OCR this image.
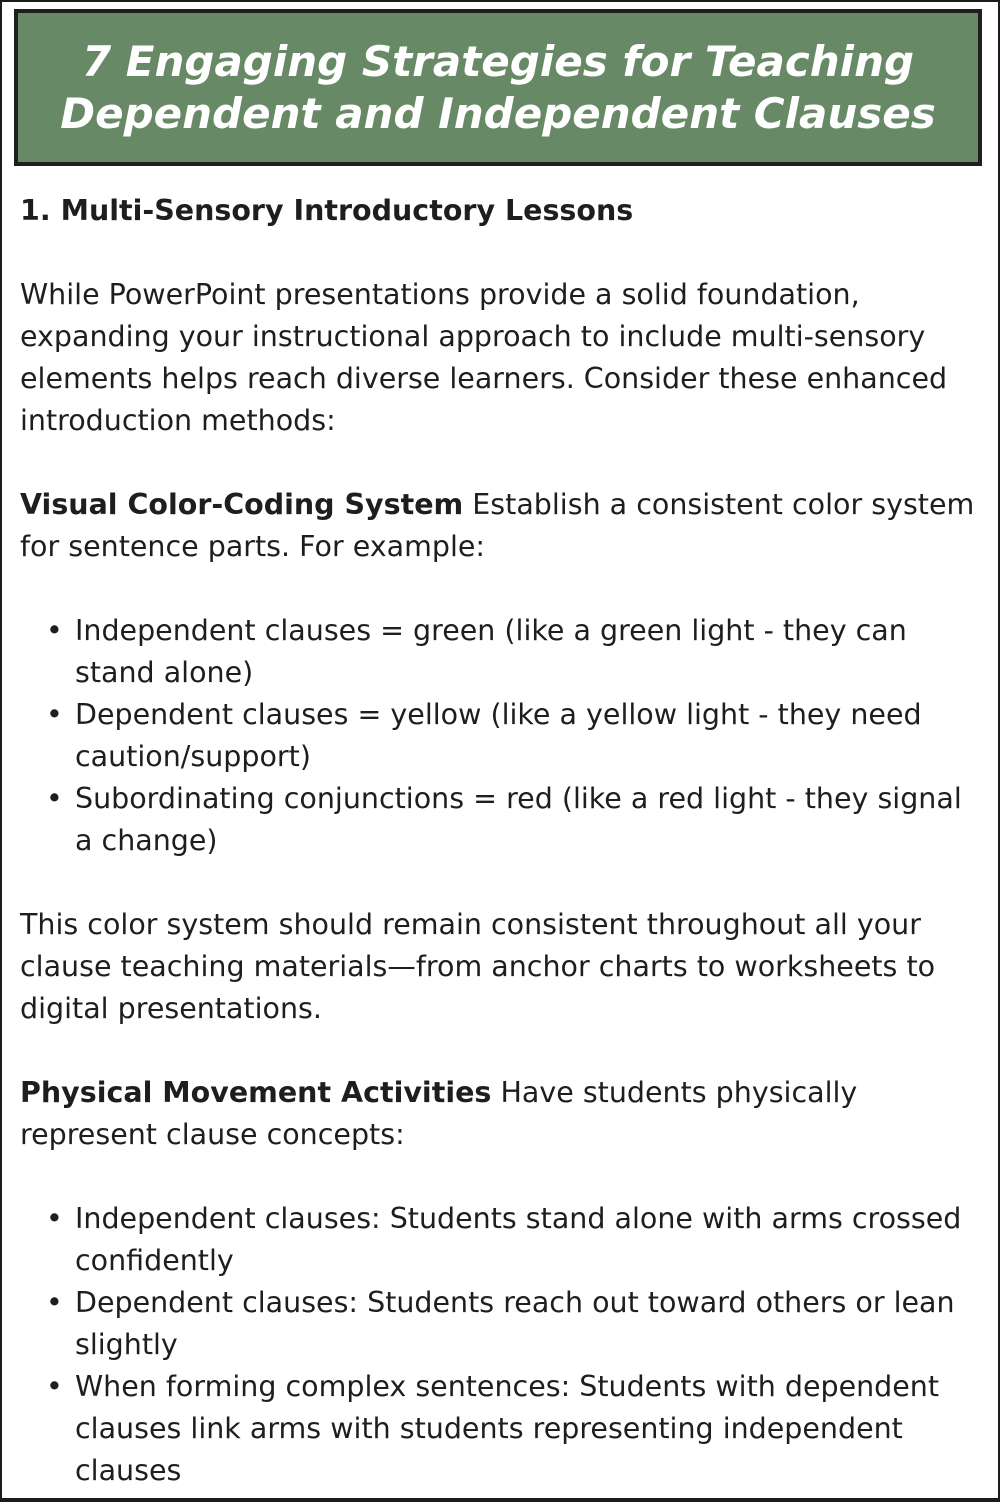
7 Engaging Strategies for Teaching
Dependent and Independent Clauses
1. Multi-Sensory Introductory Lessons

While PowerPoint presentations provide a solid foundation, expanding your instructional approach to include multi-sensory elements helps reach diverse learners. Consider these enhanced introduction methods:

Visual Color-Coding System Establish a consistent color system for sentence parts. For example:

• Independent clauses = green (like a green light - they can stand alone)
• Dependent clauses = yellow (like a yellow light - they need caution/support)
• Subordinating conjunctions = red (like a red light - they signal a change)

This color system should remain consistent throughout all your clause teaching materials—from anchor charts to worksheets to digital presentations.

Physical Movement Activities Have students physically represent clause concepts:

• Independent clauses: Students stand alone with arms crossed confidently
• Dependent clauses: Students reach out toward others or lean slightly
• When forming complex sentences: Students with dependent clauses link arms with students representing independent clauses
